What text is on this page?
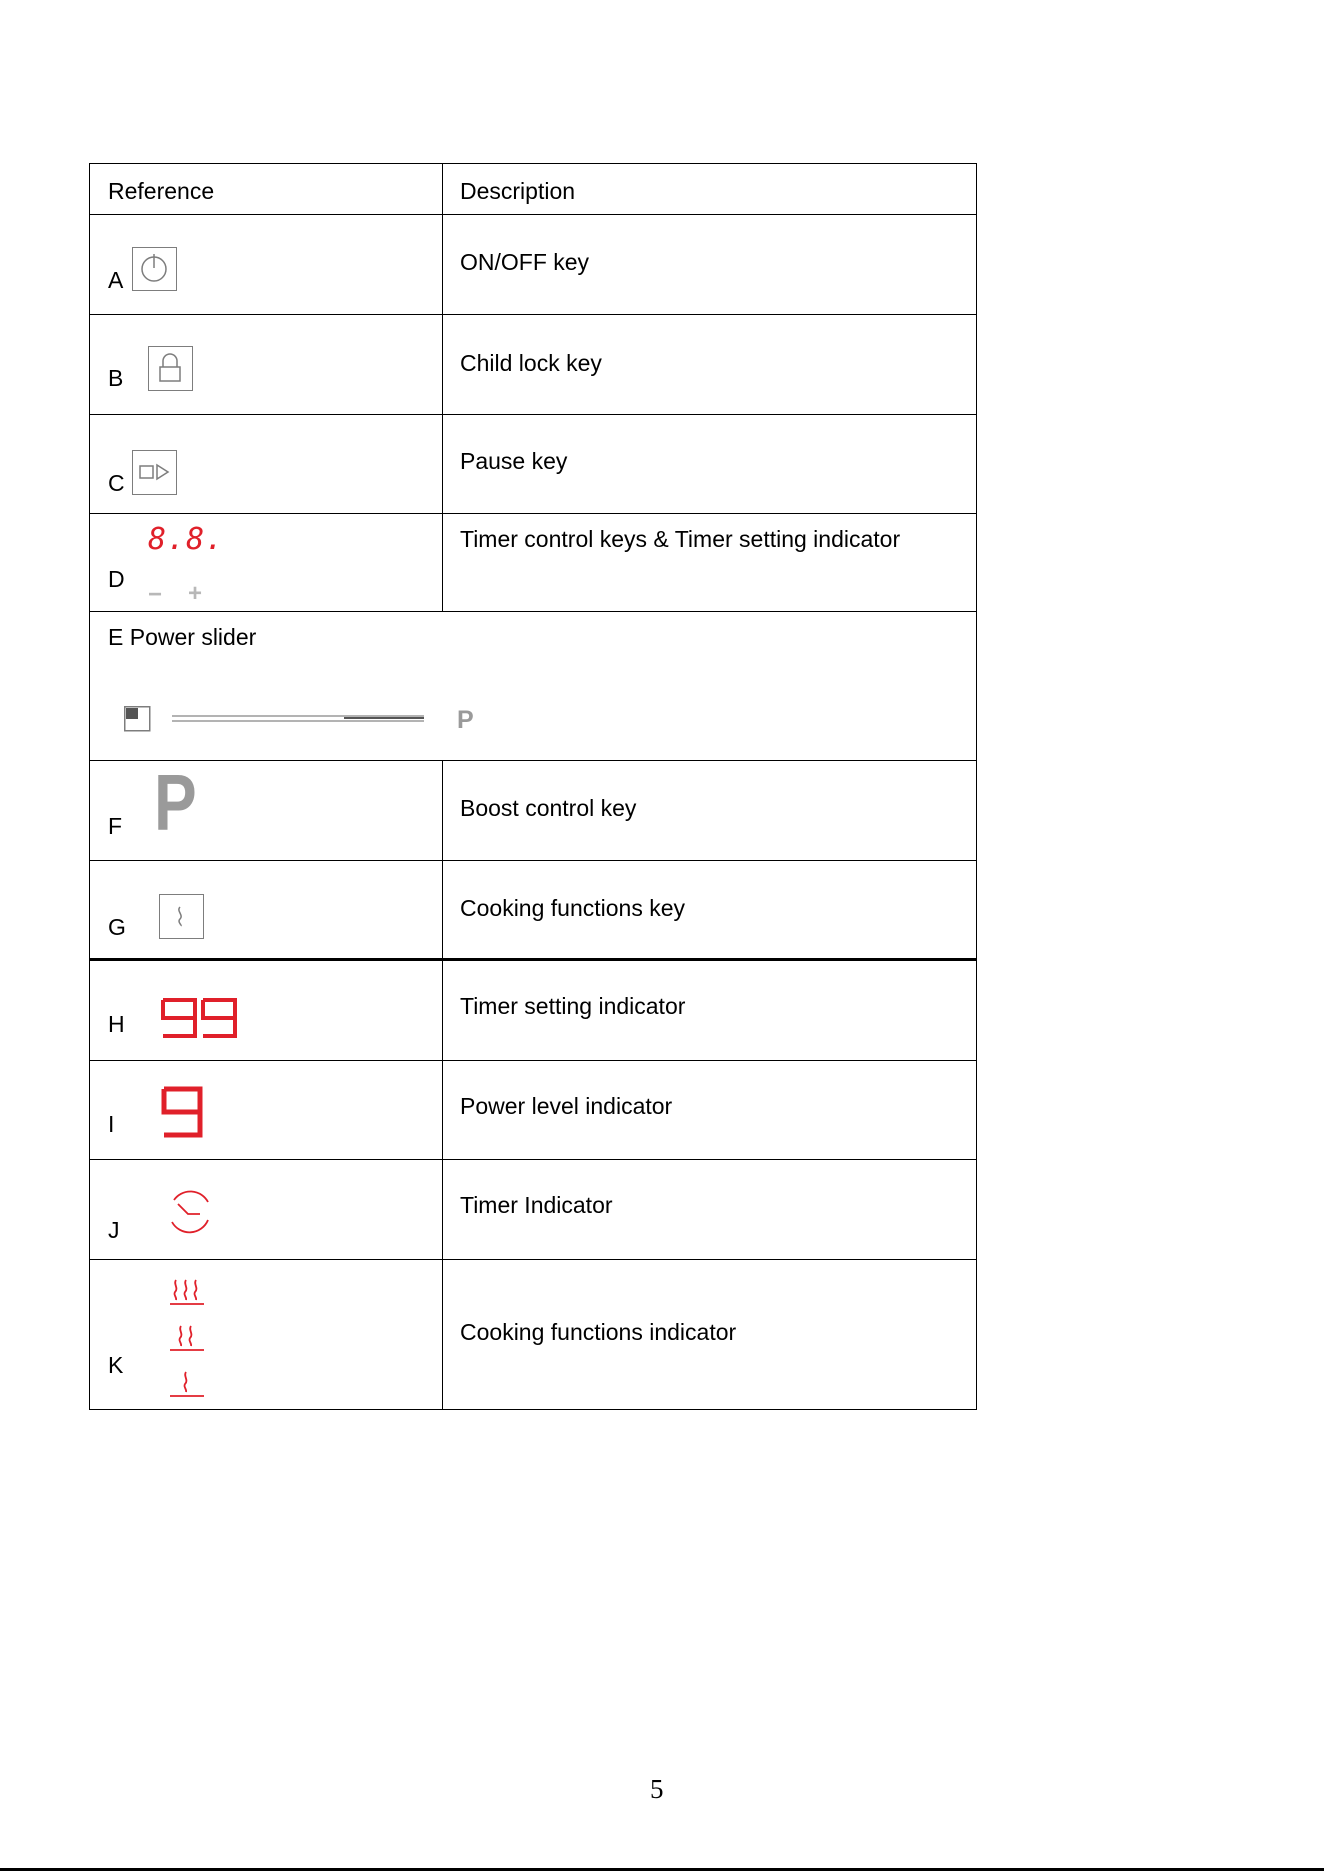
Reference	Description
A
ON/OFF key
B
Child lock key
C
Pause key
D
8.8.
− +
Timer control keys & Timer setting indicator
E Power slider
P
F P	Boost control key
G
Cooking functions key
H
Timer setting indicator
I
Power level indicator
J
Timer Indicator
K
Cooking functions indicator
5
